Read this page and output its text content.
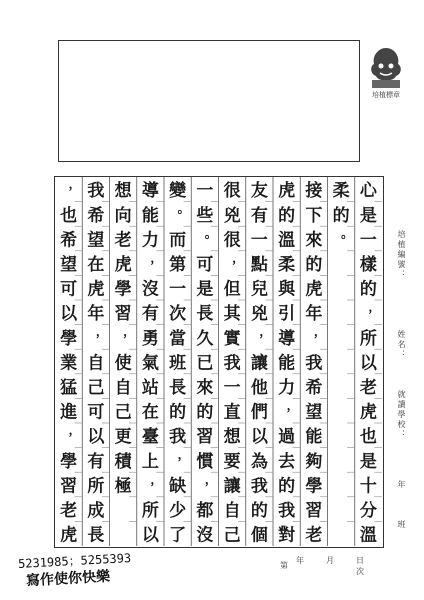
培植標章
心
是
一
樣
的
，
所
以
老
虎
也
是
十
分
溫
柔
的
。
接
下
來
的
虎
年
，
我
希
望
能
夠
學
習
老
虎
的
溫
柔
與
引
導
能
力
，
過
去
的
我
對
友
有
一
點
兒
兇
，
讓
他
們
以
為
我
的
個
很
兇
很
，
但
其
實
我
一
直
想
要
讓
自
己
一
些
。
可
是
長
久
已
來
的
習
慣
，
都
沒
變
。
而
第
一
次
當
班
長
的
我
，
缺
少
了
導
能
力
，
沒
有
勇
氣
站
在
臺
上
，
所
以
想
向
老
虎
學
習
，
使
自
己
更
積
極
我
希
望
在
虎
年
，
自
己
可
以
有
所
成
長
，
也
希
望
可
以
學
業
猛
進
，
學
習
老
虎
培植編號：
姓名：
就讀學校：
年
班
5231985；5255393
寫作使你快樂
第
年	月	日
次
